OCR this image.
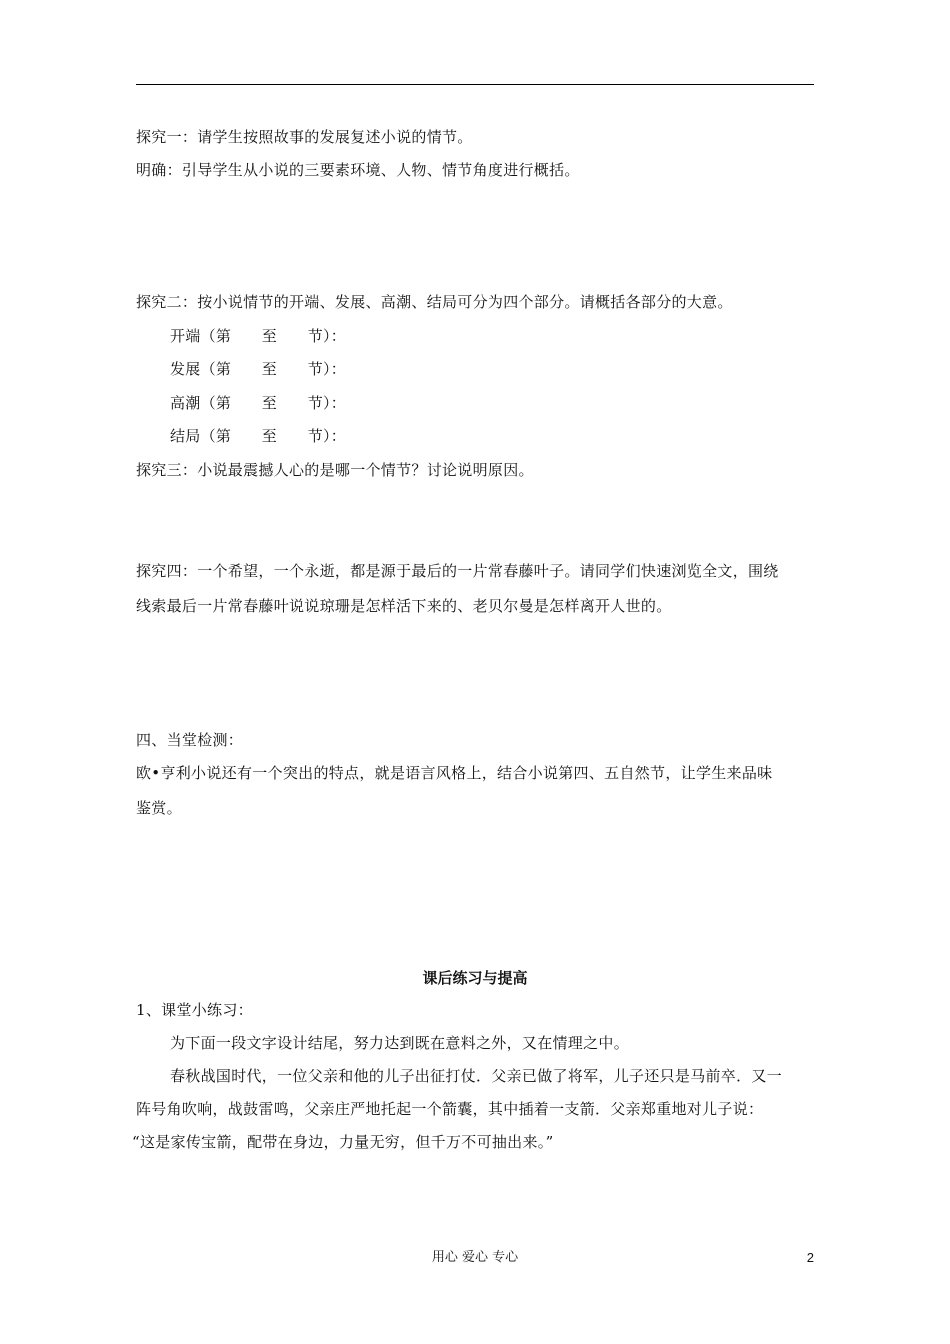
探究一：请学生按照故事的发展复述小说的情节。
明确：引导学生从小说的三要素环境、人物、情节角度进行概括。
探究二：按小说情节的开端、发展、高潮、结局可分为四个部分。请概括各部分的大意。
开端（第　　至　　节）：
发展（第　　至　　节）：
高潮（第　　至　　节）：
结局（第　　至　　节）：
探究三：小说最震撼人心的是哪一个情节？讨论说明原因。
探究四：一个希望，一个永逝，都是源于最后的一片常春藤叶子。请同学们快速浏览全文，围绕
线索最后一片常春藤叶说说琼珊是怎样活下来的、老贝尔曼是怎样离开人世的。
四、当堂检测：
欧•亨利小说还有一个突出的特点，就是语言风格上，结合小说第四、五自然节，让学生来品味
鉴赏。
课后练习与提高
1、课堂小练习：
为下面一段文字设计结尾，努力达到既在意料之外，又在情理之中。
春秋战国时代，一位父亲和他的儿子出征打仗．父亲已做了将军，儿子还只是马前卒．又一
阵号角吹响，战鼓雷鸣，父亲庄严地托起一个箭囊，其中插着一支箭．父亲郑重地对儿子说：
“这是家传宝箭，配带在身边，力量无穷，但千万不可抽出来。”
用心 爱心 专心	2
